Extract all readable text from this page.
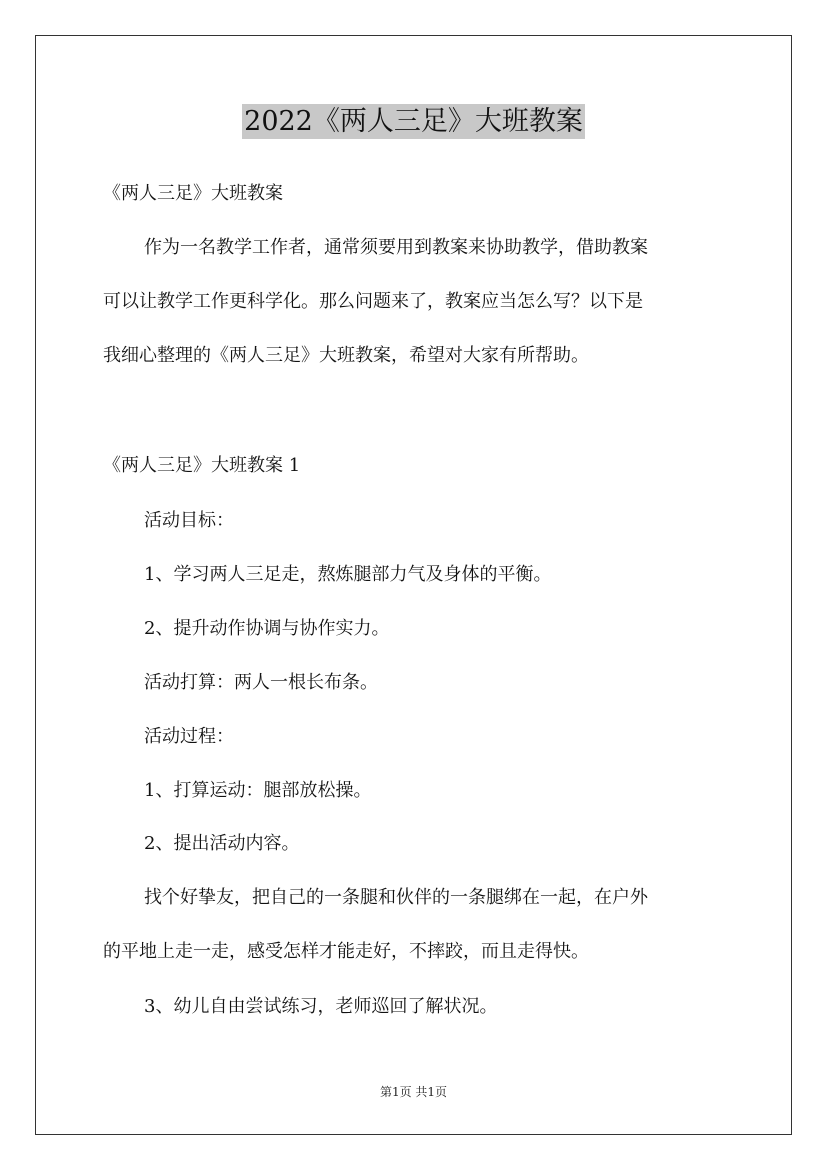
2022《两人三足》大班教案
《两人三足》大班教案
作为一名教学工作者，通常须要用到教案来协助教学，借助教案
可以让教学工作更科学化。那么问题来了，教案应当怎么写？以下是
我细心整理的《两人三足》大班教案，希望对大家有所帮助。
《两人三足》大班教案 1
活动目标：
1、学习两人三足走，熬炼腿部力气及身体的平衡。
2、提升动作协调与协作实力。
活动打算：两人一根长布条。
活动过程：
1、打算运动：腿部放松操。
2、提出活动内容。
找个好挚友，把自己的一条腿和伙伴的一条腿绑在一起，在户外
的平地上走一走，感受怎样才能走好，不摔跤，而且走得快。
3、幼儿自由尝试练习，老师巡回了解状况。
第1页 共1页
